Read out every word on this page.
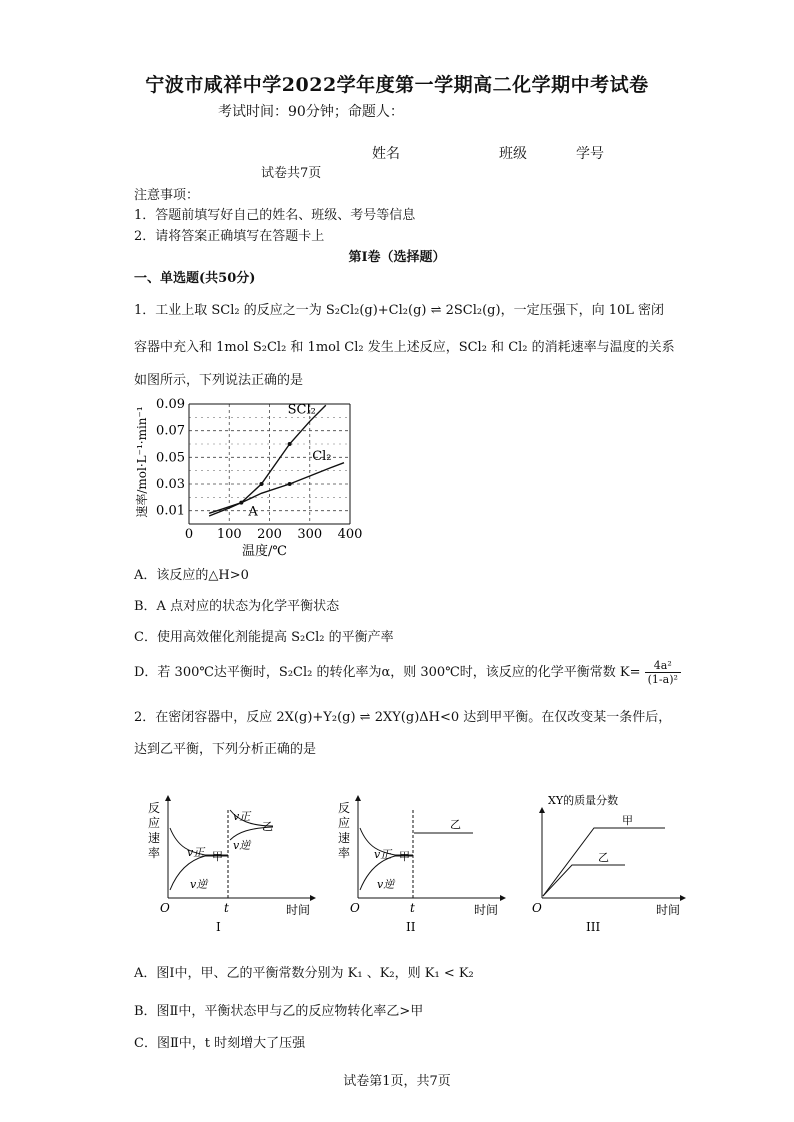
宁波市咸祥中学2022学年度第一学期高二化学期中考试卷
考试时间：90分钟；命题人：
姓名	班级	学号
试卷共7页
注意事项：
1．答题前填写好自己的姓名、班级、考号等信息
2．请将答案正确填写在答题卡上
第Ⅰ卷（选择题）
一、单选题(共50分)
1．工业上取 SCl₂ 的反应之一为 S₂Cl₂(g)+Cl₂(g) ⇌ 2SCl₂(g)，一定压强下，向 10L 密闭
容器中充入和 1mol S₂Cl₂ 和 1mol Cl₂ 发生上述反应，SCl₂ 和 Cl₂ 的消耗速率与温度的关系
如图所示，下列说法正确的是
0 100 200 300 400
0.01
0.03
0.05
0.07
0.09
温度/℃
速率/mol·L⁻¹·min⁻¹	SCl₂
Cl₂
A
A．该反应的△H>0
B．A 点对应的状态为化学平衡状态
C．使用高效催化剂能提高 S₂Cl₂ 的平衡产率
D．若 300℃达平衡时，S₂Cl₂ 的转化率为α，则 300℃时，该反应的化学平衡常数 $K= \frac{\text{4a²}}{\text{(1-a)²}}$
2．在密闭容器中，反应 2X(g)+Y₂(g) ⇌ 2XY(g)ΔH<0 达到甲平衡。在仅改变某一条件后，
达到乙平衡，下列分析正确的是
反
应
速
率 v正 甲
v逆
v正
乙
v逆
O	t	时间
I
反
应
速
率
乙
v正 甲
v逆
O	t	时间
II
XY的质量分数
甲
乙
O	时间
III
A．图Ⅰ中，甲、乙的平衡常数分别为 K₁ 、K₂，则 K₁ < K₂
B．图Ⅱ中，平衡状态甲与乙的反应物转化率乙>甲
C．图Ⅱ中，t 时刻增大了压强
试卷第1页，共7页
